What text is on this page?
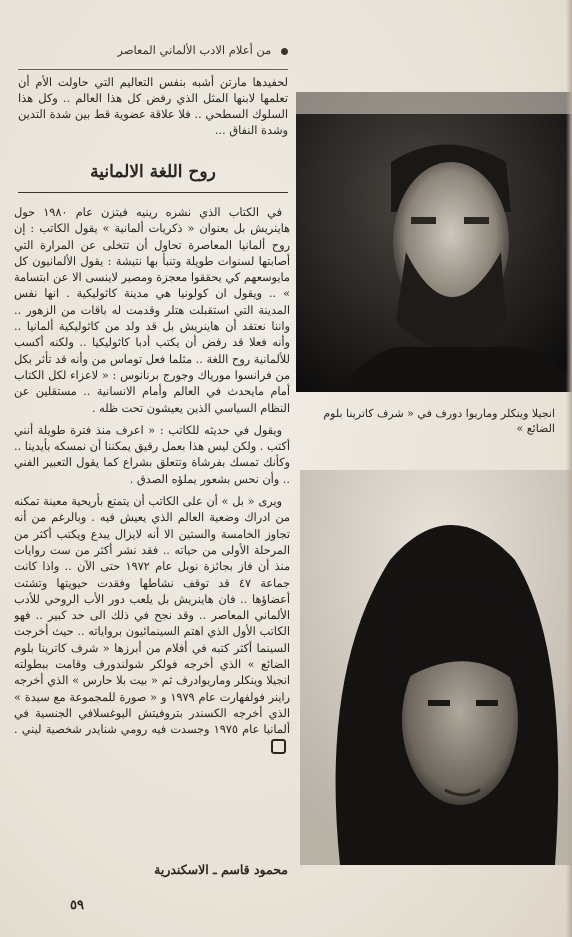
من أعلام الادب الألماني المعاصر
لحفيدها مارتن أشبه بنفس التعاليم التي حاولت الأم أن تعلمها لابنها المثل الذي رفض كل هذا العالم .. وكل هذا السلوك السطحي .. فلا علاقة عضوية قط بين شدة التدين وشدة النفاق ...
روح اللغة الالمانية

في الكتاب الذي نشره رينيه فيتزن عام ١٩٨٠ حول هاينريش بل بعنوان « ذكريات ألمانية » يقول الكاتب : إن روح ألمانيا المعاصرة تحاول أن تتخلى عن المرارة التي أصابتها لسنوات طويلة وتنبأ بها نتيشة : يقول الألمانيون كل مايوسعهم كي يحققوا معجزة ومصير لاينسى الا عن ابتسامة » .. ويقول ان كولونيا هي مدينة كاثوليكية . انها نفس المدينة التي استقبلت هتلر وقدمت له باقات من الزهور .. واننا نعتقد أن هاينريش بل قد ولد من كاثوليكية ألمانيا .. وأنه فعلا قد رفض أن يكتب أدبا كاثوليكيا .. ولكنه أكسب للألمانية روح اللغة .. مثلما فعل توماس من وأنه قد تأثر بكل من فرانسوا مورياك وجورج برنانوس : « لاعزاء لكل الكتاب أمام مايحدث في العالم وأمام الانسانية .. مستقلين عن النظام السياسي الذين يعيشون تحت ظله .

ويقول في حديثه للكاتب : « اعرف منذ فترة طويلة أنني أكتب . ولكن ليس هذا بعمل رقيق يمكننا أن نمسكه بأيدينا .. وكأنك تمسك بفرشاة وتتعلق بشراع كما يقول التعبير الفني .. وأن نحس بشعور يملؤه الصدق .

ويرى « بل » أن على الكاتب أن يتمتع بأريحية معينة تمكنه من ادراك وضعية العالم الذي يعيش فيه . وبالرغم من أنه تجاوز الخامسة والستين الا أنه لايزال يبدع ويكتب أكثر من المرحلة الأولى من حياته .. فقد نشر أكثر من ست روايات منذ أن فاز بجائزة نوبل عام ١٩٧٢ حتى الآن .. واذا كانت جماعة ٤٧ قد توقف نشاطها وفقدت حيويتها وتشتت أعضاؤها .. فان هاينريش بل يلعب دور الأب الروحي للأدب الألماني المعاصر .. وقد نجح في ذلك الى حد كبير .. فهو الكاتب الأول الذي اهتم السينمائيون برواياته .. حيث أخرجت السينما أكثر كتبه في أفلام من أبرزها « شرف كاترينا بلوم الضائع » الذي أخرجه فولكر شولندورف وقامت ببطولته انجيلا وينكلر وماريوادرف ثم « بيت بلا حارس » الذي أخرجه راينر فولفهارت عام ١٩٧٩ و « صورة للمجموعة مع سيدة » الذي أخرجه الكسندر بتروفيتش اليوغسلافي الجنسية في ألمانيا عام ١٩٧٥ وجسدت فيه رومي شنايدر شخصية ليني .

محمود قاسم ـ الاسكندرية
٥٩
انجيلا وينكلر وماريوا دورف في « شرف كاترينا بلوم الضائع »
